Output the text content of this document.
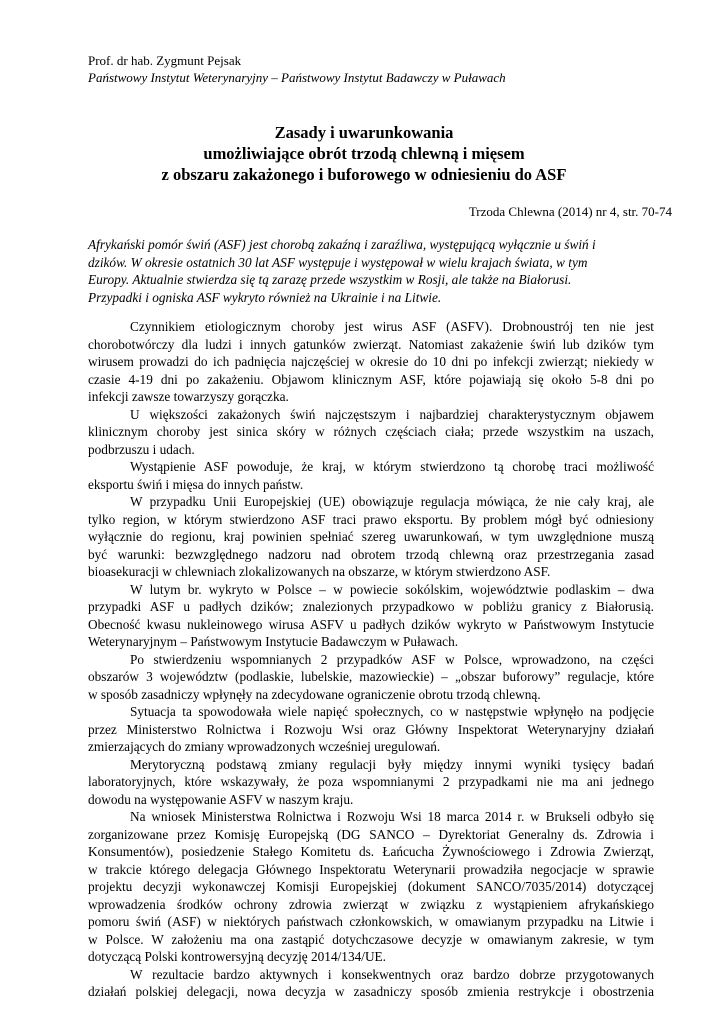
Prof. dr hab. Zygmunt Pejsak
Państwowy Instytut Weterynaryjny – Państwowy Instytut Badawczy w Puławach
Zasady i uwarunkowania
umożliwiające obrót trzodą chlewną i mięsem
z obszaru zakażonego i buforowego w odniesieniu do ASF
Trzoda Chlewna (2014) nr 4, str. 70-74
Afrykański pomór świń (ASF) jest chorobą zakaźną i zaraźliwa, występującą wyłącznie u świń i
dzików. W okresie ostatnich 30 lat ASF występuje i występował w wielu krajach świata, w tym
Europy. Aktualnie stwierdza się tą zarazę przede wszystkim w Rosji, ale także na Białorusi.
Przypadki i ogniska ASF wykryto również na Ukrainie i na Litwie.
Czynnikiem etiologicznym choroby jest wirus ASF (ASFV). Drobnoustrój ten nie jest
chorobotwórczy dla ludzi i innych gatunków zwierząt. Natomiast zakażenie świń lub dzików tym
wirusem prowadzi do ich padnięcia najczęściej w okresie do 10 dni po infekcji zwierząt; niekiedy w
czasie 4-19 dni po zakażeniu. Objawom klinicznym ASF, które pojawiają się około 5-8 dni po
infekcji zawsze towarzyszy gorączka.
U większości zakażonych świń najczęstszym i najbardziej charakterystycznym objawem
klinicznym choroby jest sinica skóry w różnych częściach ciała; przede wszystkim na uszach,
podbrzuszu i udach.
Wystąpienie ASF powoduje, że kraj, w którym stwierdzono tą chorobę traci możliwość
eksportu świń i mięsa do innych państw.
W przypadku Unii Europejskiej (UE) obowiązuje regulacja mówiąca, że nie cały kraj, ale
tylko region, w którym stwierdzono ASF traci prawo eksportu. By problem mógł być odniesiony
wyłącznie do regionu, kraj powinien spełniać szereg uwarunkowań, w tym uwzględnione muszą
być warunki: bezwzględnego nadzoru nad obrotem trzodą chlewną oraz przestrzegania zasad
bioasekuracji w chlewniach zlokalizowanych na obszarze, w którym stwierdzono ASF.
W lutym br. wykryto w Polsce – w powiecie sokólskim, województwie podlaskim – dwa
przypadki ASF u padłych dzików; znalezionych przypadkowo w pobliżu granicy z Białorusią.
Obecność kwasu nukleinowego wirusa ASFV u padłych dzików wykryto w Państwowym Instytucie
Weterynaryjnym – Państwowym Instytucie Badawczym w Puławach.
Po stwierdzeniu wspomnianych 2 przypadków ASF w Polsce, wprowadzono, na części
obszarów 3 województw (podlaskie, lubelskie, mazowieckie) – „obszar buforowy” regulacje, które
w sposób zasadniczy wpłynęły na zdecydowane ograniczenie obrotu trzodą chlewną.
Sytuacja ta spowodowała wiele napięć społecznych, co w następstwie wpłynęło na podjęcie
przez Ministerstwo Rolnictwa i Rozwoju Wsi oraz Główny Inspektorat Weterynaryjny działań
zmierzających do zmiany wprowadzonych wcześniej uregulowań.
Merytoryczną podstawą zmiany regulacji były między innymi wyniki tysięcy badań
laboratoryjnych, które wskazywały, że poza wspomnianymi 2 przypadkami nie ma ani jednego
dowodu na występowanie ASFV w naszym kraju.
Na wniosek Ministerstwa Rolnictwa i Rozwoju Wsi 18 marca 2014 r. w Brukseli odbyło się
zorganizowane przez Komisję Europejską (DG SANCO – Dyrektoriat Generalny ds. Zdrowia i
Konsumentów), posiedzenie Stałego Komitetu ds. Łańcucha Żywnościowego i Zdrowia Zwierząt,
w trakcie którego delegacja Głównego Inspektoratu Weterynarii prowadziła negocjacje w sprawie
projektu decyzji wykonawczej Komisji Europejskiej (dokument SANCO/7035/2014) dotyczącej
wprowadzenia środków ochrony zdrowia zwierząt w związku z wystąpieniem afrykańskiego
pomoru świń (ASF) w niektórych państwach członkowskich, w omawianym przypadku na Litwie i
w Polsce. W założeniu ma ona zastąpić dotychczasowe decyzje w omawianym zakresie, w tym
dotyczącą Polski kontrowersyjną decyzję 2014/134/UE.
W rezultacie bardzo aktywnych i konsekwentnych oraz bardzo dobrze przygotowanych
działań polskiej delegacji, nowa decyzja w zasadniczy sposób zmienia restrykcje i obostrzenia
